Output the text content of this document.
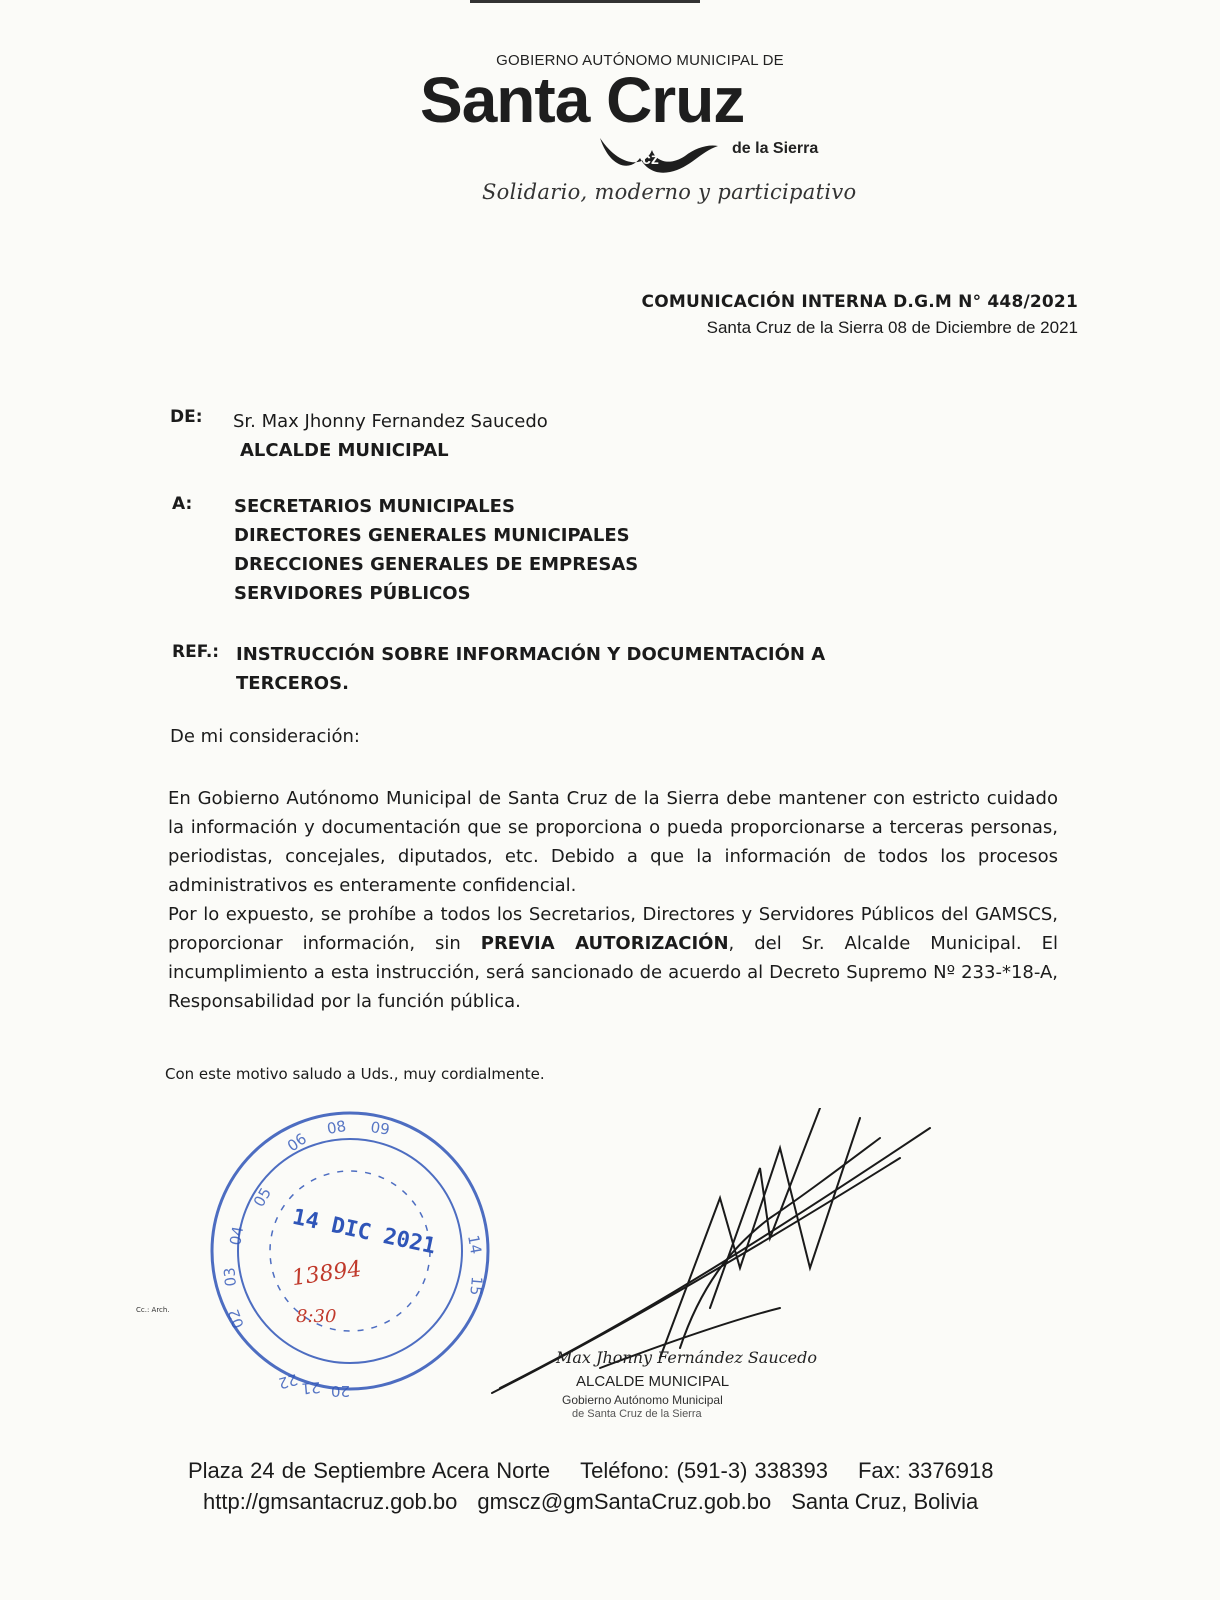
GOBIERNO AUTÓNOMO MUNICIPAL DE
Santa Cruz
cz
de la Sierra
Solidario, moderno y participativo
COMUNICACIÓN INTERNA D.G.M N° 448/2021
Santa Cruz de la Sierra 08 de Diciembre de 2021
DE: Sr. Max Jhonny Fernandez Saucedo
ALCALDE MUNICIPAL
A: SECRETARIOS MUNICIPALES
DIRECTORES GENERALES MUNICIPALES
DRECCIONES GENERALES DE EMPRESAS
SERVIDORES PÚBLICOS
REF.: INSTRUCCIÓN SOBRE INFORMACIÓN Y DOCUMENTACIÓN A TERCEROS.
De mi consideración:

En Gobierno Autónomo Municipal de Santa Cruz de la Sierra debe mantener con estricto cuidado la información y documentación que se proporciona o pueda proporcionarse a terceras personas, periodistas, concejales, diputados, etc. Debido a que la información de todos los procesos administrativos es enteramente confidencial.

Por lo expuesto, se prohíbe a todos los Secretarios, Directores y Servidores Públicos del GAMSCS, proporcionar información, sin PREVIA AUTORIZACIÓN, del Sr. Alcalde Municipal. El incumplimiento a esta instrucción, será sancionado de acuerdo al Decreto Supremo Nº 233-*18-A, Responsabilidad por la función pública.

Con este motivo saludo a Uds., muy cordialmente.
Cc.: Arch.
05
04
03
02
06
08 09
14
15
20
21
22
14 DIC 2021
13894
8:30
Max Jhonny Fernández Saucedo
ALCALDE MUNICIPAL
Gobierno Autónomo Municipal
de Santa Cruz de la Sierra
Plaza 24 de Septiembre Acera Norte Teléfono: (591-3) 338393 Fax: 3376918
http://gmsantacruz.gob.bo gmscz@gmSantaCruz.gob.bo Santa Cruz, Bolivia
